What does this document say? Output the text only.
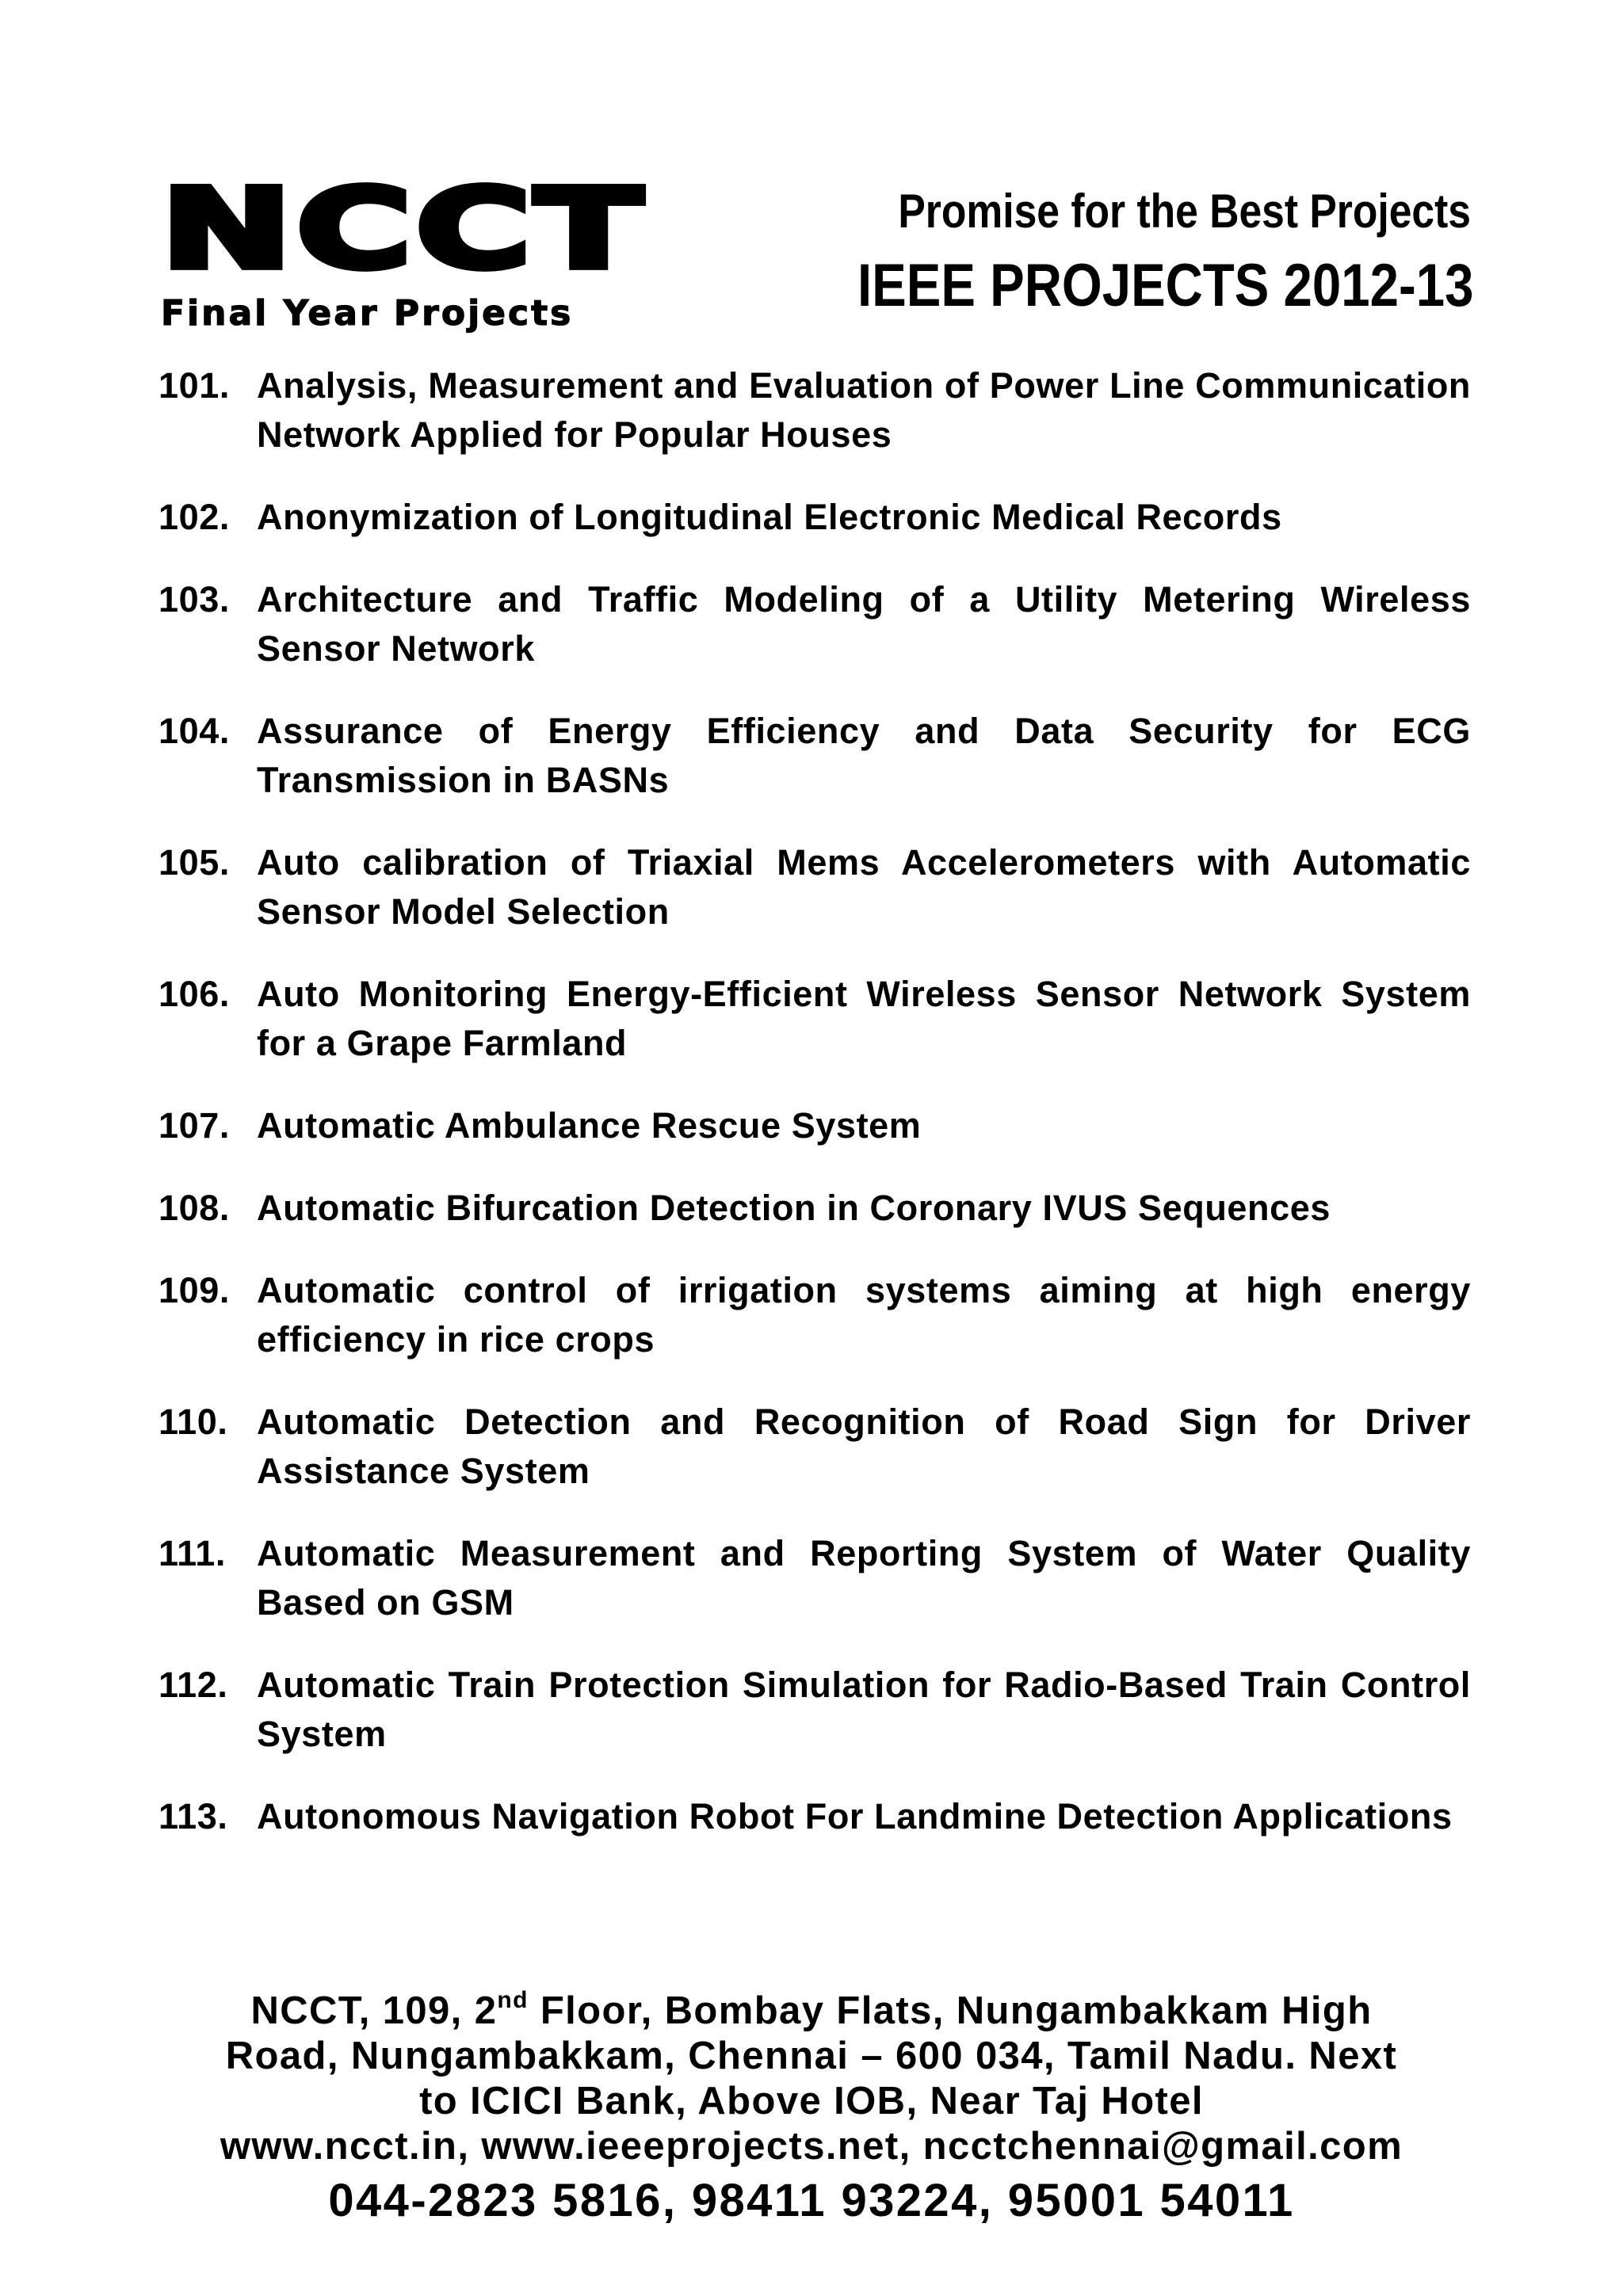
NCCT
Final Year Projects
Promise for the Best Projects
IEEE PROJECTS 2012-13
101. Analysis, Measurement and Evaluation of Power Line Communication Network Applied for Popular Houses
102. Anonymization of Longitudinal Electronic Medical Records
103. Architecture and Traffic Modeling of a Utility Metering Wireless Sensor Network
104. Assurance of Energy Efficiency and Data Security for ECG Transmission in BASNs
105. Auto calibration of Triaxial Mems Accelerometers with Automatic Sensor Model Selection
106. Auto Monitoring Energy-Efficient Wireless Sensor Network System for a Grape Farmland
107. Automatic Ambulance Rescue System
108. Automatic Bifurcation Detection in Coronary IVUS Sequences
109. Automatic control of irrigation systems aiming at high energy efficiency in rice crops
110. Automatic Detection and Recognition of Road Sign for Driver Assistance System
111. Automatic Measurement and Reporting System of Water Quality Based on GSM
112. Automatic Train Protection Simulation for Radio-Based Train Control System
113. Autonomous Navigation Robot For Landmine Detection Applications
NCCT, 109, 2nd Floor, Bombay Flats, Nungambakkam High
Road, Nungambakkam, Chennai – 600 034, Tamil Nadu. Next
to ICICI Bank, Above IOB, Near Taj Hotel
www.ncct.in, www.ieeeprojects.net, ncctchennai@gmail.com
044-2823 5816, 98411 93224, 95001 54011
